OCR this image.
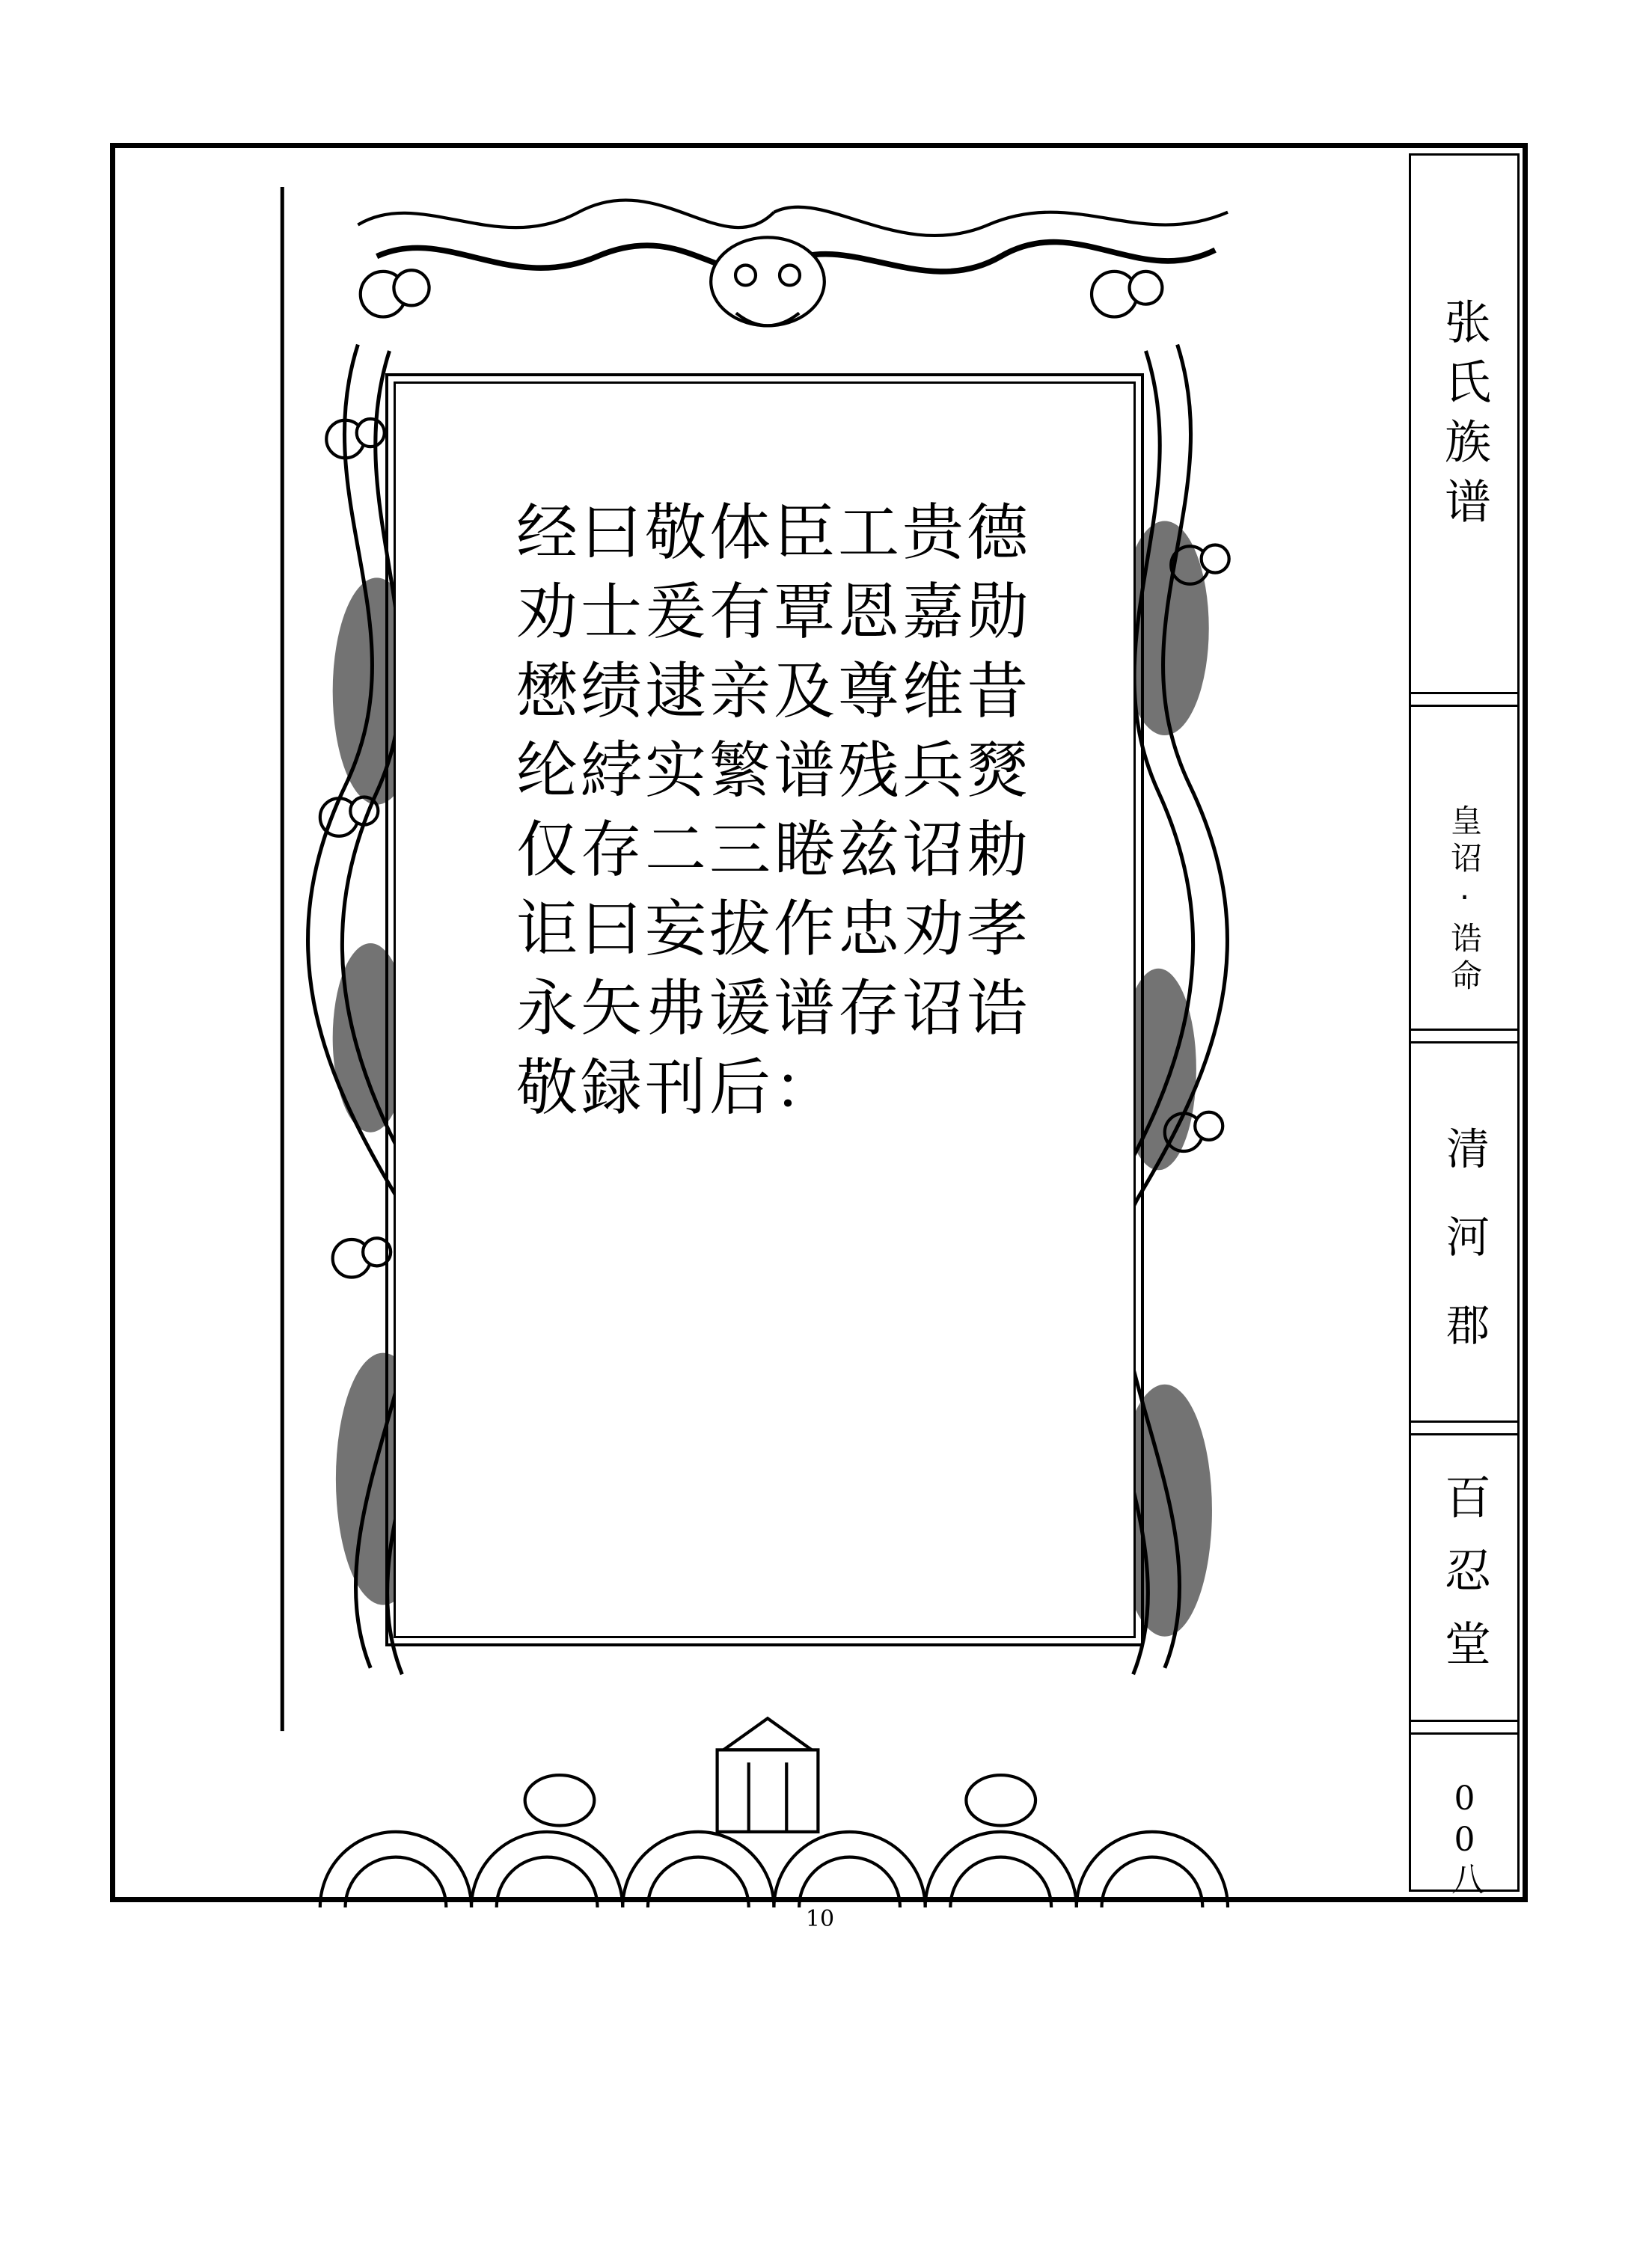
经曰敬体臣工贵德
劝士爰有覃恩嘉勋
懋绩逮亲及尊维昔
纶綍实繁谱残兵燹
仅存二三睠兹诏勅
讵曰妄拔作忠劝孝
永矢弗谖谱存诏诰
敬録刊后：
张氏族谱
皇诏·诰命
清河郡
百忍堂
00八
10
